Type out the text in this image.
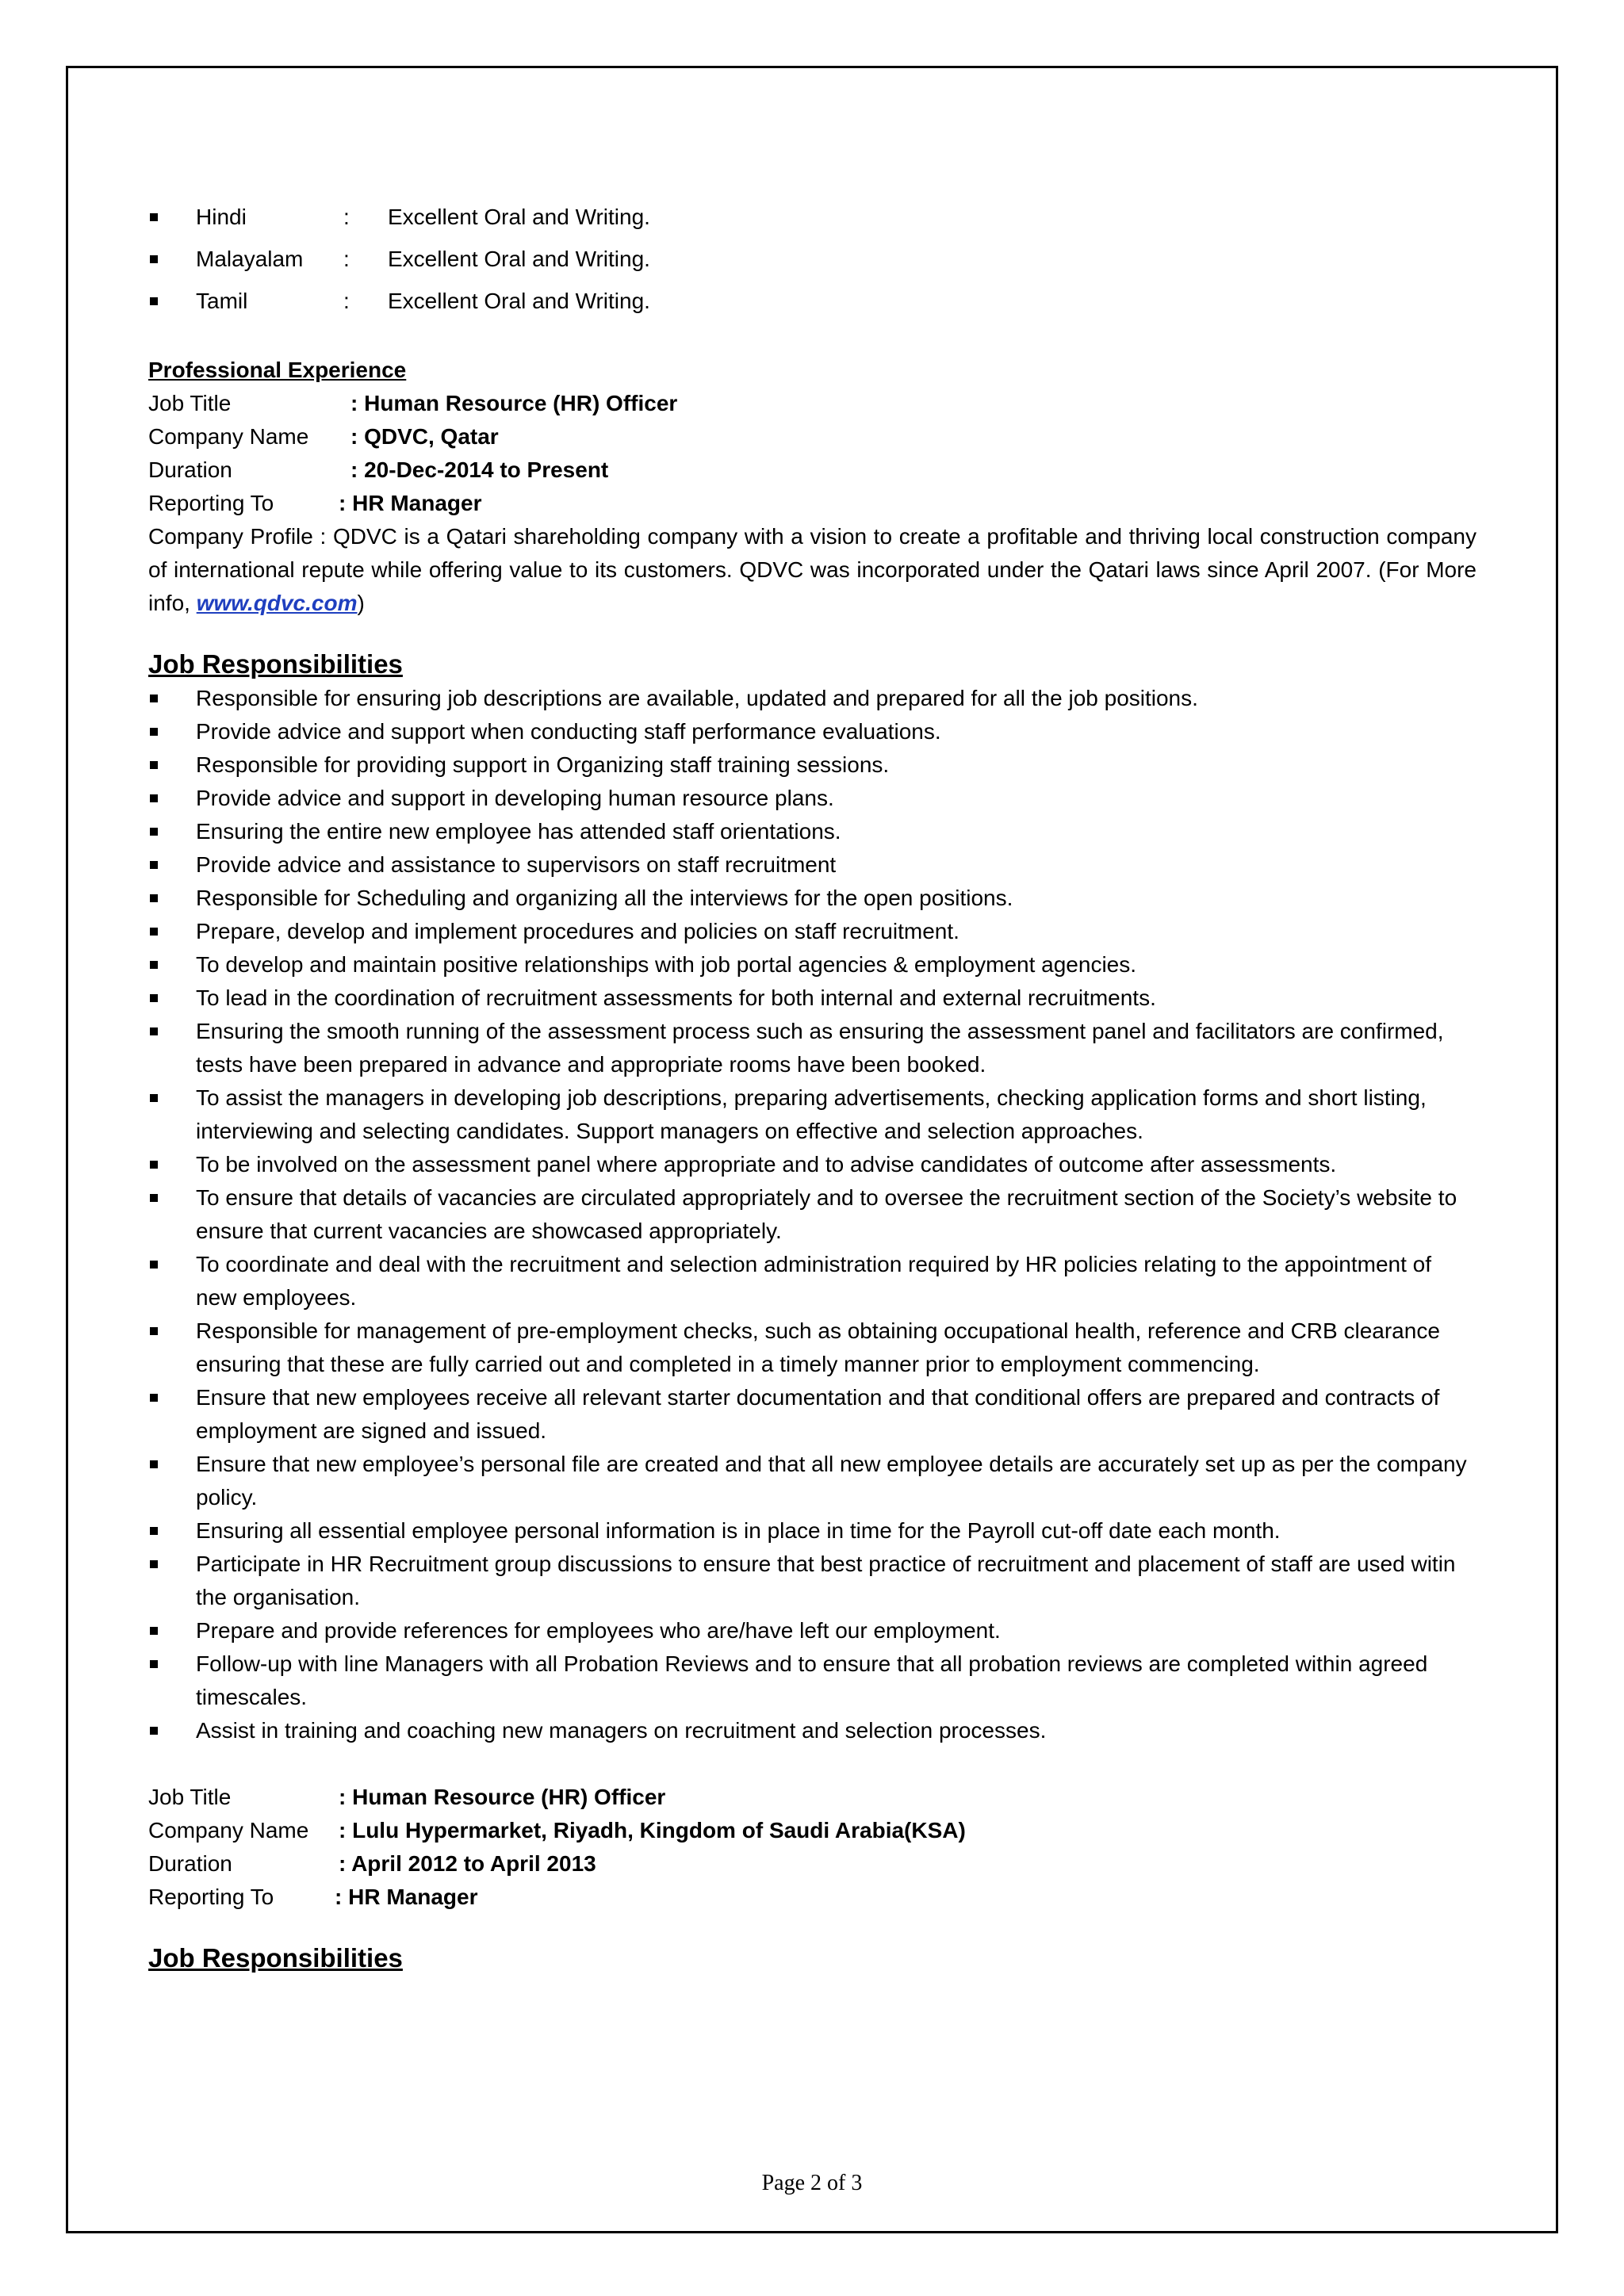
Hindi	:	Excellent Oral and Writing.
Malayalam	:	Excellent Oral and Writing.
Tamil	:	Excellent Oral and Writing.
Professional Experience
Job Title	: Human Resource (HR) Officer
Company Name	: QDVC, Qatar
Duration	: 20-Dec-2014 to Present
Reporting To	: HR Manager
Company Profile : QDVC is a Qatari shareholding company with a vision to create a profitable and thriving local construction company of international repute while offering value to its customers. QDVC was incorporated under the Qatari laws since April 2007. (For More info, www.qdvc.com)
Job Responsibilities
Responsible for ensuring job descriptions are available, updated and prepared for all the job positions.
Provide advice and support when conducting staff performance evaluations.
Responsible for providing support in Organizing staff training sessions.
Provide advice and support in developing human resource plans.
Ensuring the entire new employee has attended staff orientations.
Provide advice and assistance to supervisors on staff recruitment
Responsible for Scheduling and organizing all the interviews for the open positions.
Prepare, develop and implement procedures and policies on staff recruitment.
To develop and maintain positive relationships with job portal agencies & employment agencies.
To lead in the coordination of recruitment assessments for both internal and external recruitments.
Ensuring the smooth running of the assessment process such as ensuring the assessment panel and facilitators are confirmed, tests have been prepared in advance and appropriate rooms have been booked.
To assist the managers in developing job descriptions, preparing advertisements, checking application forms and short listing, interviewing and selecting candidates. Support managers on effective and selection approaches.
To be involved on the assessment panel where appropriate and to advise candidates of outcome after assessments.
To ensure that details of vacancies are circulated appropriately and to oversee the recruitment section of the Society’s website to ensure that current vacancies are showcased appropriately.
To coordinate and deal with the recruitment and selection administration required by HR policies relating to the appointment of new employees.
Responsible for management of pre-employment checks, such as obtaining occupational health, reference and CRB clearance ensuring that these are fully carried out and completed in a timely manner prior to employment commencing.
Ensure that new employees receive all relevant starter documentation and that conditional offers are prepared and contracts of employment are signed and issued.
Ensure that new employee’s personal file are created and that all new employee details are accurately set up as per the company policy.
Ensuring all essential employee personal information is in place in time for the Payroll cut-off date each month.
Participate in HR Recruitment group discussions to ensure that best practice of recruitment and placement of staff are used witin the organisation.
Prepare and provide references for employees who are/have left our employment.
Follow-up with line Managers with all Probation Reviews and to ensure that all probation reviews are completed within agreed timescales.
Assist in training and coaching new managers on recruitment and selection processes.
Job Title	: Human Resource (HR) Officer
Company Name	: Lulu Hypermarket, Riyadh, Kingdom of Saudi Arabia(KSA)
Duration	: April 2012 to April 2013
Reporting To	: HR Manager
Job Responsibilities
Page 2 of 3
